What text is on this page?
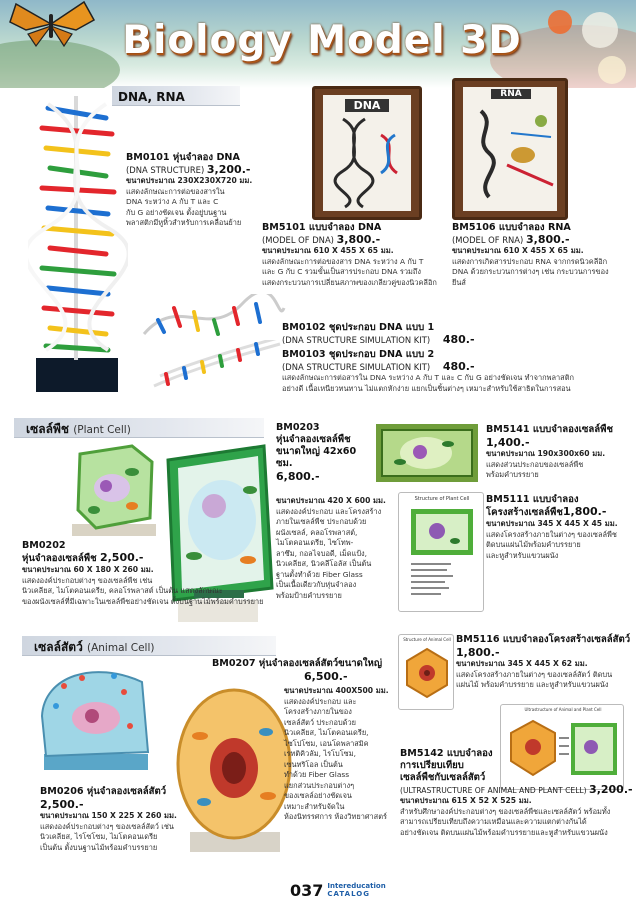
Biology Model 3D
DNA, RNA
BM0101 หุ่นจำลอง DNA
(DNA STRUCTURE) 3,200.-
ขนาดประมาณ 230X230X720 มม.
แสดงลักษณะการต่อของสารใน
DNA ระหว่าง A กับ T และ C
กับ G อย่างชัดเจน ตั้งอยู่บนฐาน
พลาสติกมีหูหิ้วสำหรับการเคลื่อนย้าย
DNA
RNA
BM5101 แบบจำลอง DNA
(MODEL OF DNA) 3,800.-
ขนาดประมาณ 610 X 455 X 65 มม.
แสดงลักษณะการต่อของสาร DNA ระหว่าง A กับ T
และ G กับ C รวมขั้นเป็นสารประกอบ DNA รวมถึง
แสดงกระบวนการเปลี่ยนสภาพของเกลียวคู่ของนิวคลีอิก
BM5106 แบบจำลอง RNA
(MODEL OF RNA) 3,800.-
ขนาดประมาณ 610 X 455 X 65 มม.
แสดงการเกิดสารประกอบ RNA จากกรดนิวคลีอิก
DNA ด้วยกระบวนการต่างๆ เช่น กระบวนการของ
ยีนส์
BM0102 ชุดประกอบ DNA แบบ 1
(DNA STRUCTURE SIMULATION KIT) 480.-
BM0103 ชุดประกอบ DNA แบบ 2
(DNA STRUCTURE SIMULATION KIT) 480.-
แสดงลักษณะการต่อสารใน DNA ระหว่าง A กับ T และ C กับ G อย่างชัดเจน ทำจากพลาสติก
อย่างดี เนื้อเหนียวทนทาน ไม่แตกหักง่าย แยกเป็นชิ้นต่างๆ เหมาะสำหรับใช้สาธิตในการสอน
เซลล์พืช (Plant Cell)	BM0203
หุ่นจำลองเซลล์พืช
ขนาดใหญ่ 42x60 ซม.
6,800.-
ขนาดประมาณ 420 X 600 มม.
แสดงองค์ประกอบ และโครงสร้าง
ภายในเซลล์พืช ประกอบด้วย
ผนังเซลล์, คลอโรพลาสต์,
ไมโตคอนเดรีย, ไซโทพ-
ลาซึม, กอลไจบอดี, เม็ดแป้ง,
นิวเคลียส, นิวคลีโอลัส เป็นต้น
ฐานตั้งทำด้วย Fiber Glass
เป็นเนื้อเดียวกับหุ่นจำลอง
พร้อมป้ายคำบรรยาย
BM0202
หุ่นจำลองเซลล์พืช 2,500.-
ขนาดประมาณ 60 X 180 X 260 มม.
แสดงองค์ประกอบต่างๆ ของเซลล์พืช เช่น
นิวเคลียส, ไมโตคอนเดรีย, คลอโรพลาสต์ เป็นต้น แสดงลักษณะ
ของผนังเซลล์ที่มีเฉพาะในเซลล์พืชอย่างชัดเจน ตั้งบนฐานไม้พร้อมคำบรรยาย
BM5141 แบบจำลองเซลล์พืช
1,400.-
ขนาดประมาณ 190x300x60 มม.
แสดงส่วนประกอบของเซลล์พืช
พร้อมคำบรรยาย
Structure of Plant Cell	BM5111 แบบจำลอง
โครงสร้างเซลล์พืช1,800.-
ขนาดประมาณ 345 X 445 X 45 มม.
แสดงโครงสร้างภายในต่างๆ ของเซลล์พืช
ติดบนแผ่นไม้พร้อมคำบรรยาย
และหูสำหรับแขวนผนัง
เซลล์สัตว์ (Animal Cell)
Structure of Animal Cell BM5116 แบบจำลองโครงสร้างเซลล์สัตว์
1,800.-
ขนาดประมาณ 345 X 445 X 62 มม.
แสดงโครงสร้างภายในต่างๆ ของเซลล์สัตว์ ติดบน
แผ่นไม้ พร้อมคำบรรยาย และหูสำหรับแขวนผนัง
BM0207 หุ่นจำลองเซลล์สัตว์ขนาดใหญ่
6,500.-
ขนาดประมาณ 400X500 มม.
แสดงองค์ประกอบ และ
โครงสร้างภายในของ
เซลล์สัตว์ ประกอบด้วย
นิวเคลียส, ไมโตคอนเดรีย,
ไซโปโซม, เอนโดพลาสมิค
เรทติคิวลัม, ไรโบโซม,
เซนทริโอล เป็นต้น
ทำด้วย Fiber Glass
แยกส่วนประกอบต่างๆ
ของเซลล์อย่างชัดเจน
เหมาะสำหรับจัดใน
ห้องนิทรรศการ ห้องวิทยาศาสตร์
Ultrastructure of Animal and Plant Cell
BM0206 หุ่นจำลองเซลล์สัตว์
2,500.-
ขนาดประมาณ 150 X 225 X 260 มม.
แสดงองค์ประกอบต่างๆ ของเซลล์สัตว์ เช่น
นิวเคลียส, ไรโซโซม, ไมโตคอนเดรีย
เป็นต้น ตั้งบนฐานไม้พร้อมคำบรรยาย
BM5142 แบบจำลอง
การเปรียบเทียบ
เซลล์พืชกับเซลล์สัตว์
(ULTRASTRUCTURE OF ANIMAL AND PLANT CELL) 3,200.-
ขนาดประมาณ 615 X 52 X 525 มม.
สำหรับศึกษาองค์ประกอบต่างๆ ของเซลล์พืชและเซลล์สัตว์ พร้อมทั้ง
สามารถเปรียบเทียบถึงความเหมือนและความแตกต่างกันได้
อย่างชัดเจน ติดบนแผ่นไม้พร้อมคำบรรยายและหูสำหรับแขวนผนัง
037 Intereducation
CATALOG
